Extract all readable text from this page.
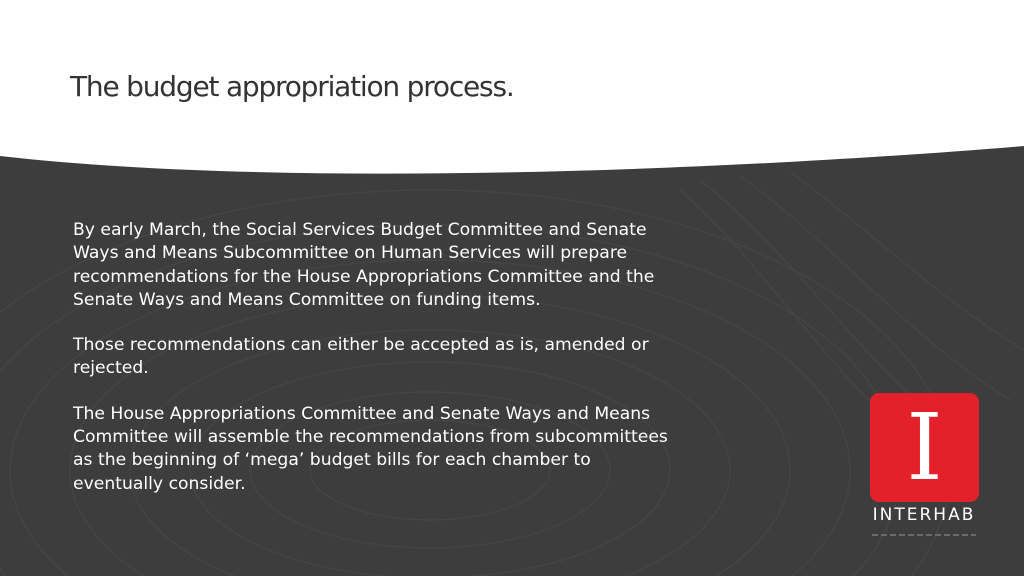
The budget appropriation process.

By early March, the Social Services Budget Committee and Senate Ways and Means Subcommittee on Human Services will prepare recommendations for the House Appropriations Committee and the Senate Ways and Means Committee on funding items.

Those recommendations can either be accepted as is, amended or rejected.

The House Appropriations Committee and Senate Ways and Means Committee will assemble the recommendations from subcommittees as the beginning of ‘mega’ budget bills for each chamber to eventually consider.	I
INTERHAB
